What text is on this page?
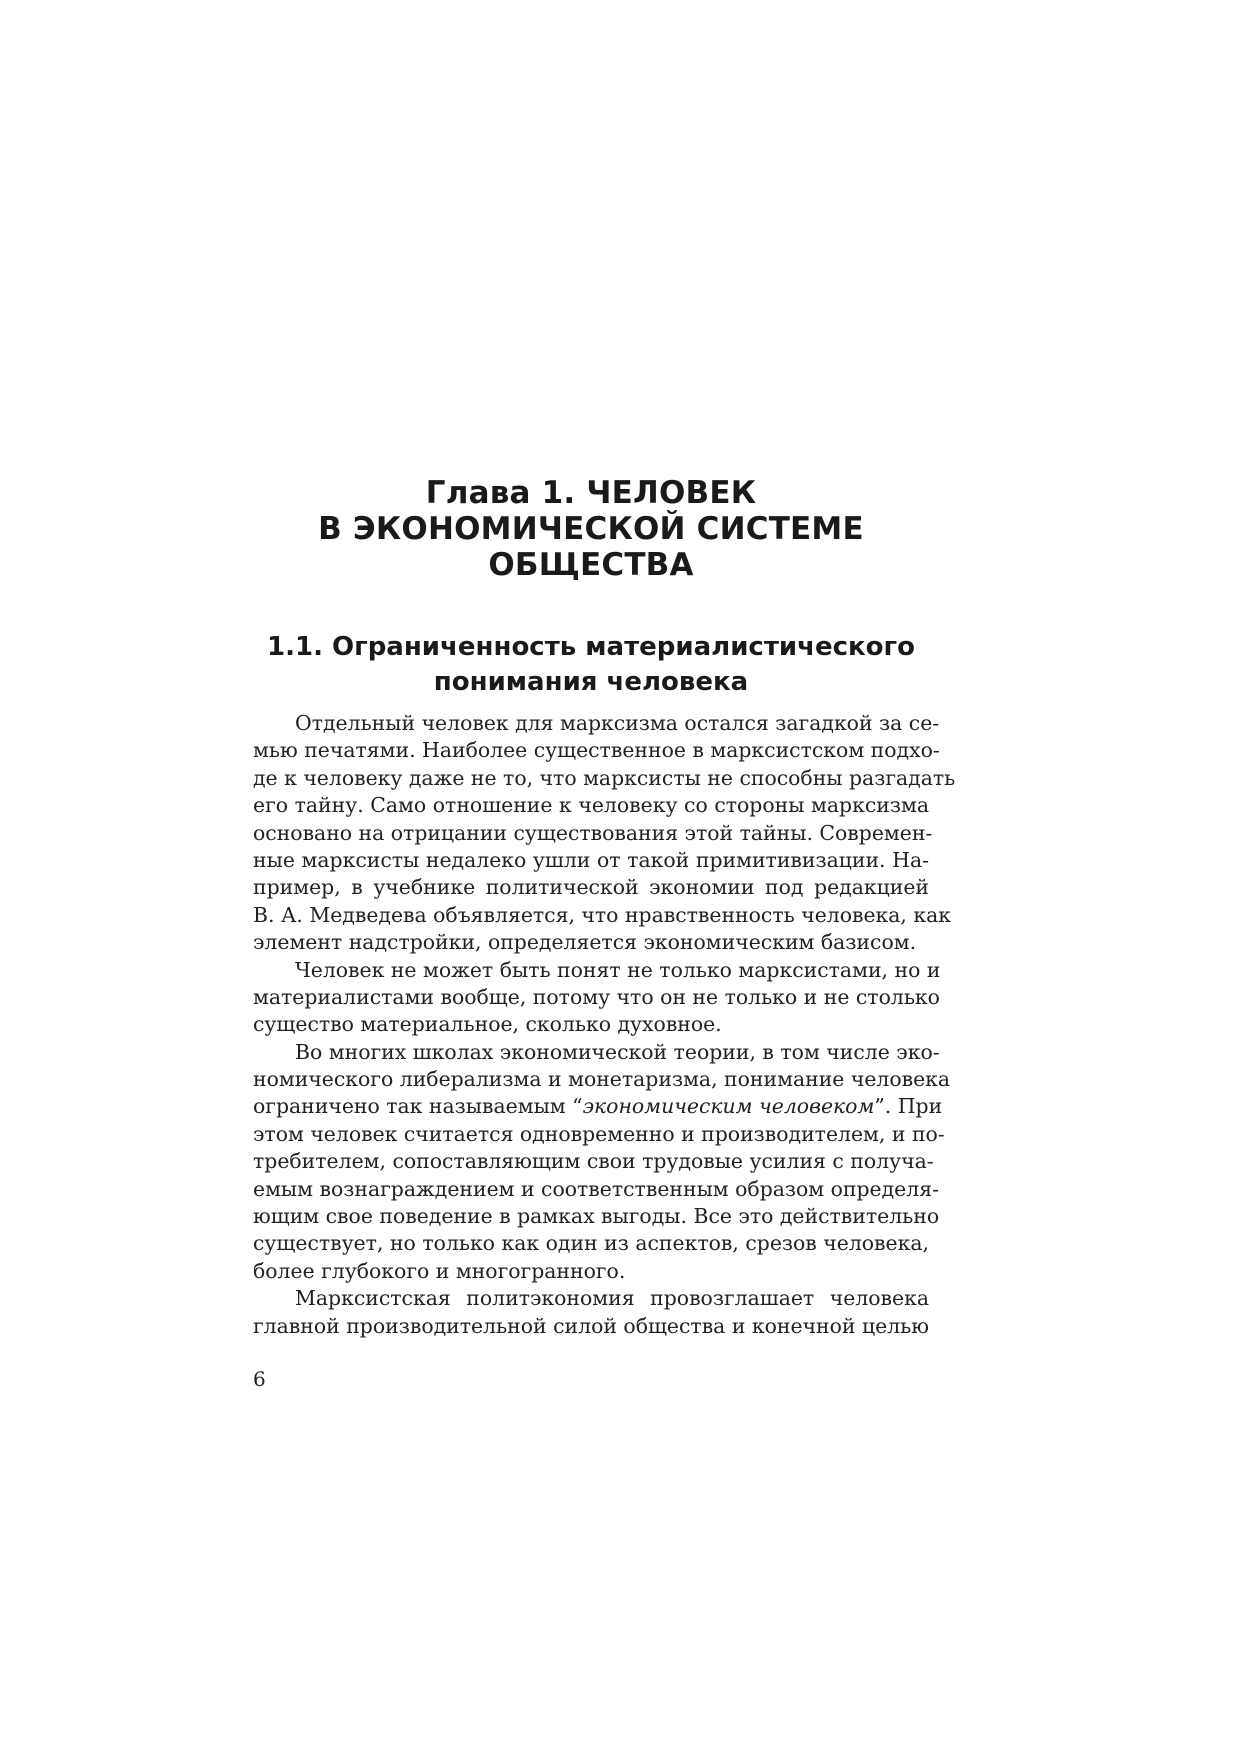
Глава 1. ЧЕЛОВЕК
В ЭКОНОМИЧЕСКОЙ СИСТЕМЕ
ОБЩЕСТВА
1.1. Ограниченность материалистического
понимания человека
Отдельный человек для марксизма остался загадкой за се-
мью печатями. Наиболее существенное в марксистском подхо-
де к человеку даже не то, что марксисты не способны разгадать
его тайну. Само отношение к человеку со стороны марксизма
основано на отрицании существования этой тайны. Современ-
ные марксисты недалеко ушли от такой примитивизации. На-
пример, в учебнике политической экономии под редакцией
В. А. Медведева объявляется, что нравственность человека, как
элемент надстройки, определяется экономическим базисом.
Человек не может быть понят не только марксистами, но и
материалистами вообще, потому что он не только и не столько
существо материальное, сколько духовное.
Во многих школах экономической теории, в том числе эко-
номического либерализма и монетаризма, понимание человека
ограничено так называемым “экономическим человеком”. При
этом человек считается одновременно и производителем, и по-
требителем, сопоставляющим свои трудовые усилия с получа-
емым вознаграждением и соответственным образом определя-
ющим свое поведение в рамках выгоды. Все это действительно
существует, но только как один из аспектов, срезов человека,
более глубокого и многогранного.
Марксистская политэкономия провозглашает человека
главной производительной силой общества и конечной целью
6
